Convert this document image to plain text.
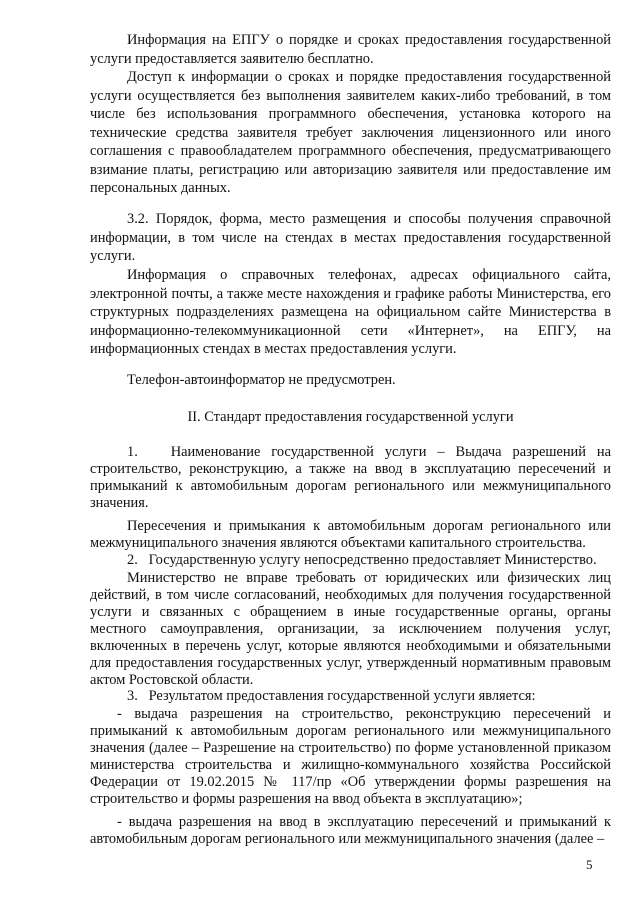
Информация на ЕПГУ о порядке и сроках предоставления государственной услуги предоставляется заявителю бесплатно.

Доступ к информации о сроках и порядке предоставления государственной услуги осуществляется без выполнения заявителем каких-либо требований, в том числе без использования программного обеспечения, установка которого на технические средства заявителя требует заключения лицензионного или иного соглашения с правообладателем программного обеспечения, предусматривающего взимание платы, регистрацию или авторизацию заявителя или предоставление им персональных данных.

3.2. Порядок, форма, место размещения и способы получения справочной информации, в том числе на стендах в местах предоставления государственной услуги.

Информация о справочных телефонах, адресах официального сайта, электронной почты, а также месте нахождения и графике работы Министерства, его структурных подразделениях размещена на официальном сайте Министерства в информационно-телекоммуникационной сети «Интернет», на ЕПГУ, на информационных стендах в местах предоставления услуги.

Телефон-автоинформатор не предусмотрен.

II. Стандарт предоставления государственной услуги

1.   Наименование государственной услуги – Выдача разрешений на строительство, реконструкцию, а также на ввод в эксплуатацию пересечений и примыканий к автомобильным дорогам регионального или межмуниципального значения.

Пересечения и примыкания к автомобильным дорогам регионального или межмуниципального значения являются объектами капитального строительства.

2.   Государственную услугу непосредственно предоставляет Министерство.

Министерство не вправе требовать от юридических или физических лиц действий, в том числе согласований, необходимых для получения государственной услуги и связанных с обращением в иные государственные органы, органы местного самоуправления, организации, за исключением получения услуг, включенных в перечень услуг, которые являются необходимыми и обязательными для предоставления государственных услуг, утвержденный нормативным правовым актом Ростовской области.

3.   Результатом предоставления государственной услуги является:

- выдача разрешения на строительство, реконструкцию пересечений и примыканий к автомобильным дорогам регионального или межмуниципального значения (далее – Разрешение на строительство) по форме установленной приказом министерства строительства и жилищно-коммунального хозяйства Российской Федерации от 19.02.2015 № 117/пр «Об утверждении формы разрешения на строительство и формы разрешения на ввод объекта в эксплуатацию»;

- выдача разрешения на ввод в эксплуатацию пересечений и примыканий к автомобильным дорогам регионального или межмуниципального значения (далее –

5
